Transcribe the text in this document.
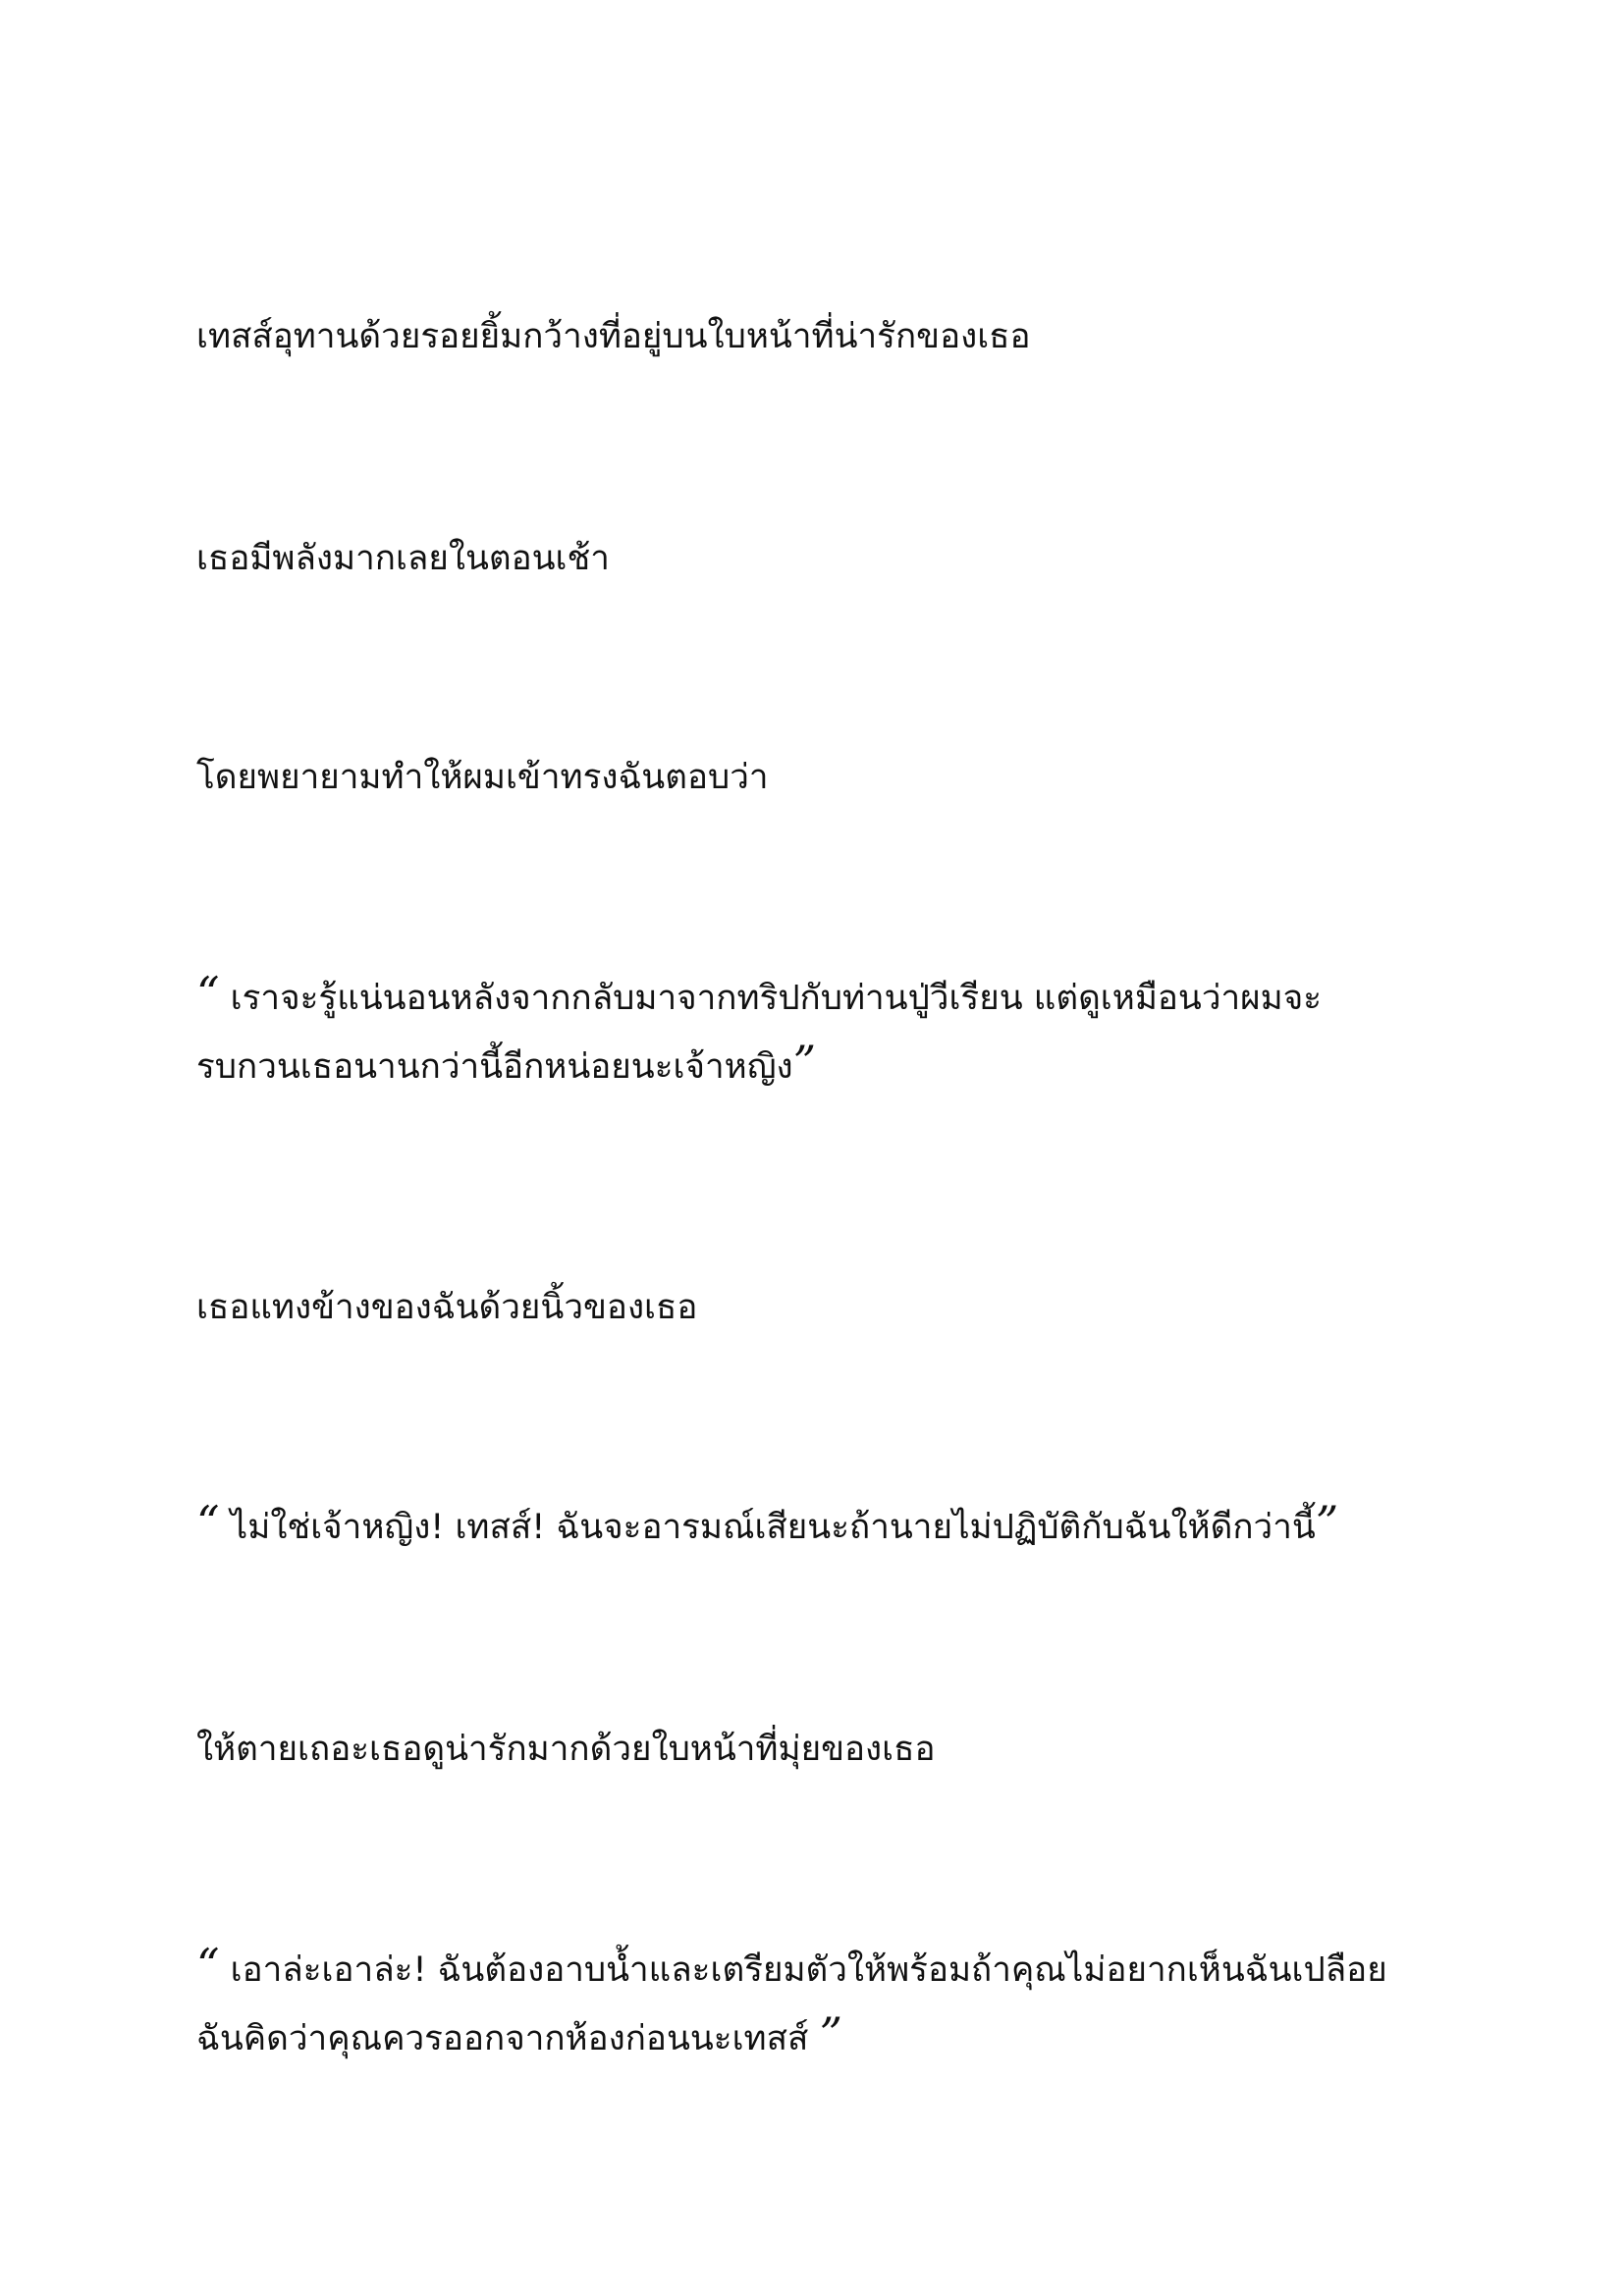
เทสส์อุทานด้วยรอยยิ้มกว้างที่อยู่บนใบหน้าที่น่ารักของเธอ

เธอมีพลังมากเลยในตอนเช้า

โดยพยายามทำให้ผมเข้าทรงฉันตอบว่า

“ เราจะรู้แน่นอนหลังจากกลับมาจากทริปกับท่านปู่วีเรียน แต่ดูเหมือนว่าผมจะ
รบกวนเธอนานกว่านี้อีกหน่อยนะเจ้าหญิง”

เธอแทงข้างของฉันด้วยนิ้วของเธอ

“ ไม่ใช่เจ้าหญิง! เทสส์! ฉันจะอารมณ์เสียนะถ้านายไม่ปฏิบัติกับฉันให้ดีกว่านี้”

ให้ตายเถอะเธอดูน่ารักมากด้วยใบหน้าที่มุ่ยของเธอ

“ เอาล่ะเอาล่ะ! ฉันต้องอาบน้ำและเตรียมตัวให้พร้อมถ้าคุณไม่อยากเห็นฉันเปลือย
ฉันคิดว่าคุณควรออกจากห้องก่อนนะเทสส์ ”
